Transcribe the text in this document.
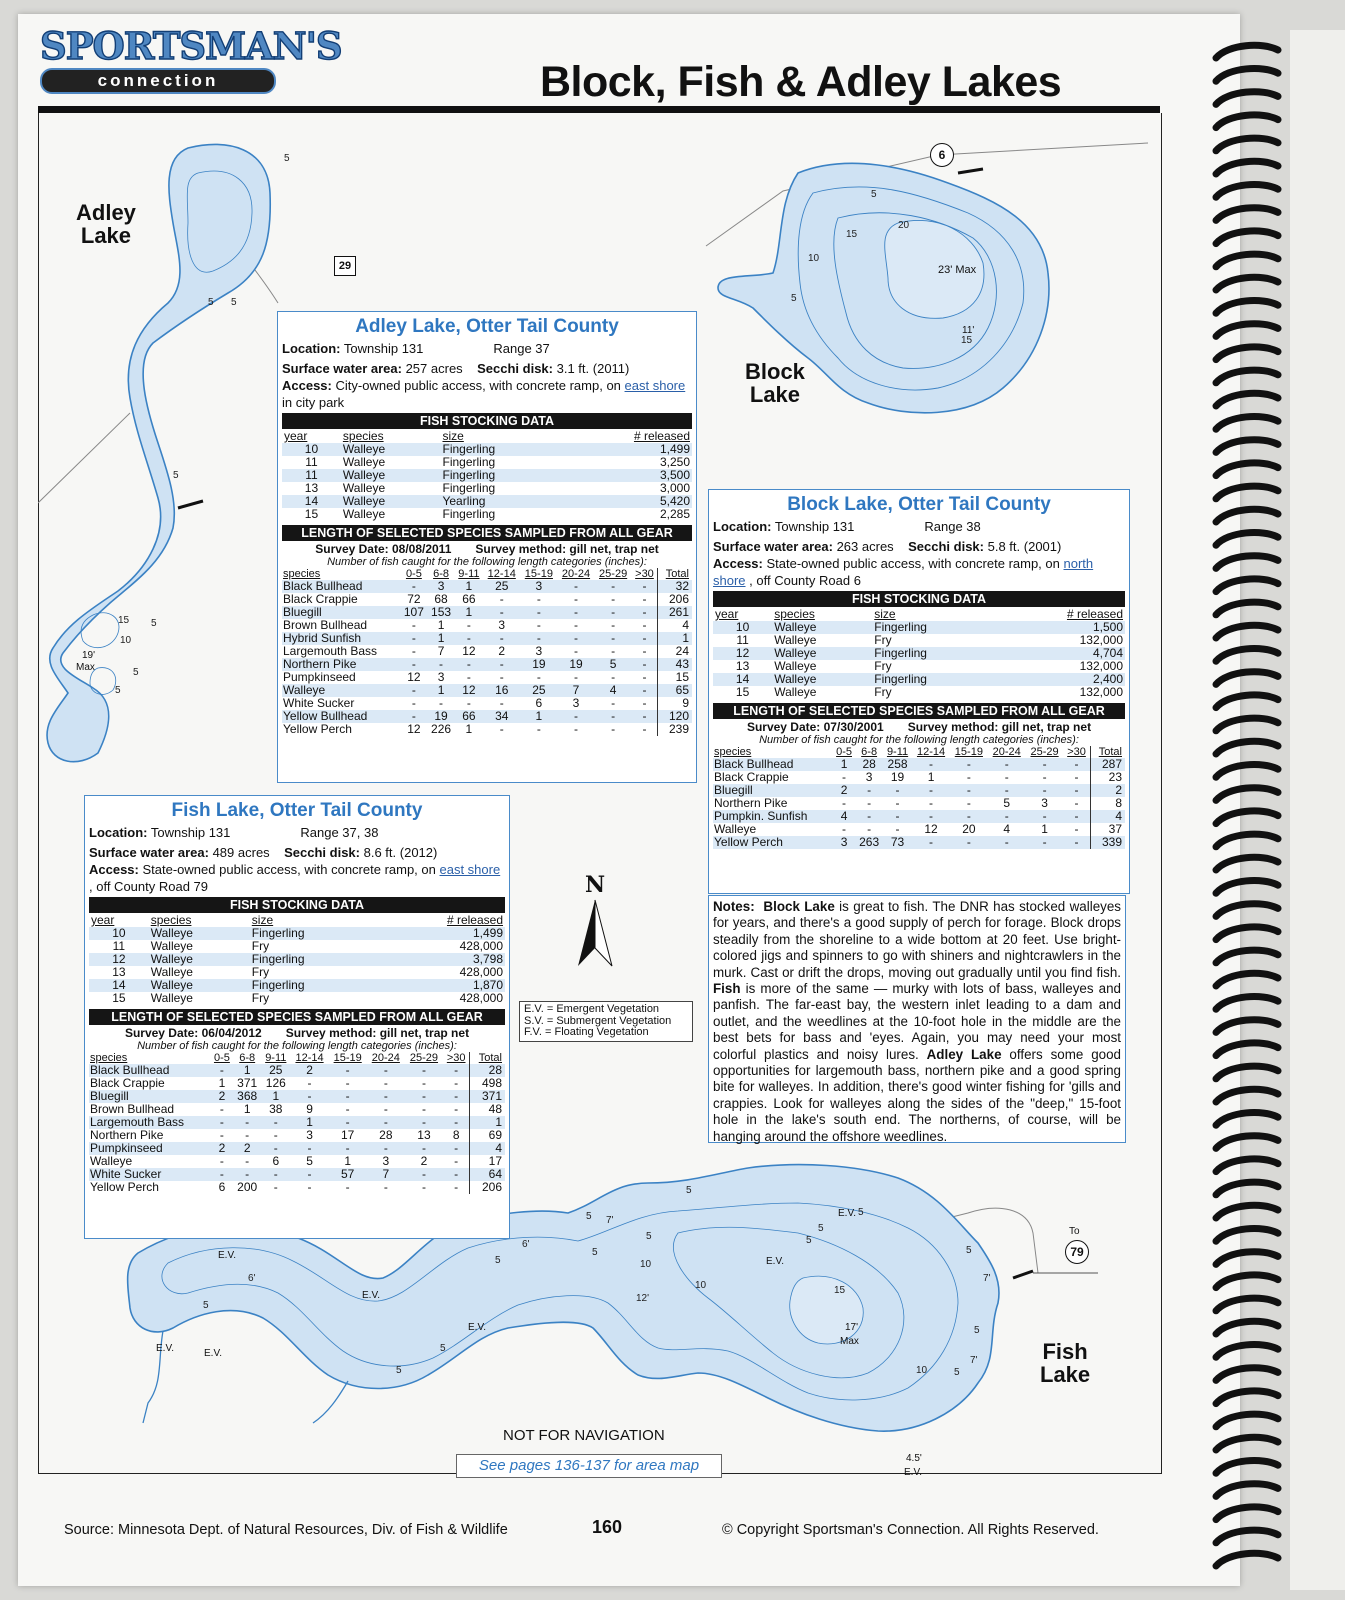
SPORTSMAN'S
connection	Block, Fish & Adley Lakes
5
5 5
5
15 5
10
5
5
5
15
20
10
5
15
5
5 7'
6'
5
5
5
10
12'
10
5
5
5
15
10	5
5
7'
7'
5
6'
5
5
5
Adley
Lake
Block
Lake
Fish
Lake
29
6
To
79
23' Max
11'
19'
Max
17'
Max
4.5'
E.V.
E.V.	E.V.
E.V.
E.V.
E.V.
E.V.
E.V.
N
E.V. = Emergent Vegetation
S.V. = Submergent Vegetation
F.V. = Floating Vegetation
NOT FOR NAVIGATION
See pages 136-137 for area map
Adley Lake, Otter Tail County
Location: Township 131	Range 37
Surface water area: 257 acres Secchi disk: 3.1 ft. (2011)
Access: City-owned public access, with concrete ramp, on east shore in city park
FISH STOCKING DATA
year	species	size	# released
10	Walleye	Fingerling	1,499
11	Walleye	Fingerling	3,250
11	Walleye	Fingerling	3,500
13	Walleye	Fingerling	3,000
14	Walleye	Yearling	5,420
15	Walleye	Fingerling	2,285
LENGTH OF SELECTED SPECIES SAMPLED FROM ALL GEAR
Survey Date: 08/08/2011 Survey method: gill net, trap net
Number of fish caught for the following length categories (inches):
species	0-5	6-8	9-11	12-14	15-19	20-24	25-29	>30	Total
Black Bullhead	-	3	1	25	3	-	-	-	32
Black Crappie	72	68	66	-	-	-	-	-	206
Bluegill	107	153	1	-	-	-	-	-	261
Brown Bullhead	-	1	-	3	-	-	-	-	4
Hybrid Sunfish	-	1	-	-	-	-	-	-	1
Largemouth Bass	-	7	12	2	3	-	-	-	24
Northern Pike	-	-	-	-	19	19	5	-	43
Pumpkinseed	12	3	-	-	-	-	-	-	15
Walleye	-	1	12	16	25	7	4	-	65
White Sucker	-	-	-	-	6	3	-	-	9
Yellow Bullhead	-	19	66	34	1	-	-	-	120
Yellow Perch	12	226	1	-	-	-	-	-	239
Block Lake, Otter Tail County
Location: Township 131	Range 38
Surface water area: 263 acres Secchi disk: 5.8 ft. (2001)
Access: State-owned public access, with concrete ramp, on north shore , off County Road 6
FISH STOCKING DATA
year	species	size	# released
10	Walleye	Fingerling	1,500
11	Walleye	Fry	132,000
12	Walleye	Fingerling	4,704
13	Walleye	Fry	132,000
14	Walleye	Fingerling	2,400
15	Walleye	Fry	132,000
LENGTH OF SELECTED SPECIES SAMPLED FROM ALL GEAR
Survey Date: 07/30/2001 Survey method: gill net, trap net
Number of fish caught for the following length categories (inches):
species	0-5	6-8	9-11	12-14	15-19	20-24	25-29	>30	Total
Black Bullhead	1	28	258	-	-	-	-	-	287
Black Crappie	-	3	19	1	-	-	-	-	23
Bluegill	2	-	-	-	-	-	-	-	2
Northern Pike	-	-	-	-	-	5	3	-	8
Pumpkin. Sunfish	4	-	-	-	-	-	-	-	4
Walleye	-	-	-	12	20	4	1	-	37
Yellow Perch	3	263	73	-	-	-	-	-	339
Fish Lake, Otter Tail County
Location: Township 131	Range 37, 38
Surface water area: 489 acres Secchi disk: 8.6 ft. (2012)
Access: State-owned public access, with concrete ramp, on east shore , off County Road 79
FISH STOCKING DATA
year	species	size	# released
10	Walleye	Fingerling	1,499
11	Walleye	Fry	428,000
12	Walleye	Fingerling	3,798
13	Walleye	Fry	428,000
14	Walleye	Fingerling	1,870
15	Walleye	Fry	428,000
LENGTH OF SELECTED SPECIES SAMPLED FROM ALL GEAR
Survey Date: 06/04/2012 Survey method: gill net, trap net
Number of fish caught for the following length categories (inches):
species	0-5	6-8	9-11	12-14	15-19	20-24	25-29	>30	Total
Black Bullhead	-	1	25	2	-	-	-	-	28
Black Crappie	1	371	126	-	-	-	-	-	498
Bluegill	2	368	1	-	-	-	-	-	371
Brown Bullhead	-	1	38	9	-	-	-	-	48
Largemouth Bass	-	-	-	1	-	-	-	-	1
Northern Pike	-	-	-	3	17	28	13	8	69
Pumpkinseed	2	2	-	-	-	-	-	-	4
Walleye	-	-	6	5	1	3	2	-	17
White Sucker	-	-	-	-	57	7	-	-	64
Yellow Perch	6	200	-	-	-	-	-	-	206
Notes: Block Lake is great to fish. The DNR has stocked walleyes for years, and there's a good supply of perch for forage. Block drops steadily from the shoreline to a wide bottom at 20 feet. Use bright-colored jigs and spinners to go with shiners and nightcrawlers in the murk. Cast or drift the drops, moving out gradually until you find fish. Fish is more of the same — murky with lots of bass, walleyes and panfish. The far-east bay, the western inlet leading to a dam and outlet, and the weedlines at the 10-foot hole in the middle are the best bets for bass and 'eyes. Again, you may need your most colorful plastics and noisy lures. Adley Lake offers some good opportunities for largemouth bass, northern pike and a good spring bite for walleyes. In addition, there's good winter fishing for 'gills and crappies. Look for walleyes along the sides of the "deep," 15-foot hole in the lake's south end. The northerns, of course, will be hanging around the offshore weedlines.
Source: Minnesota Dept. of Natural Resources, Div. of Fish & Wildlife	160	© Copyright Sportsman's Connection. All Rights Reserved.
